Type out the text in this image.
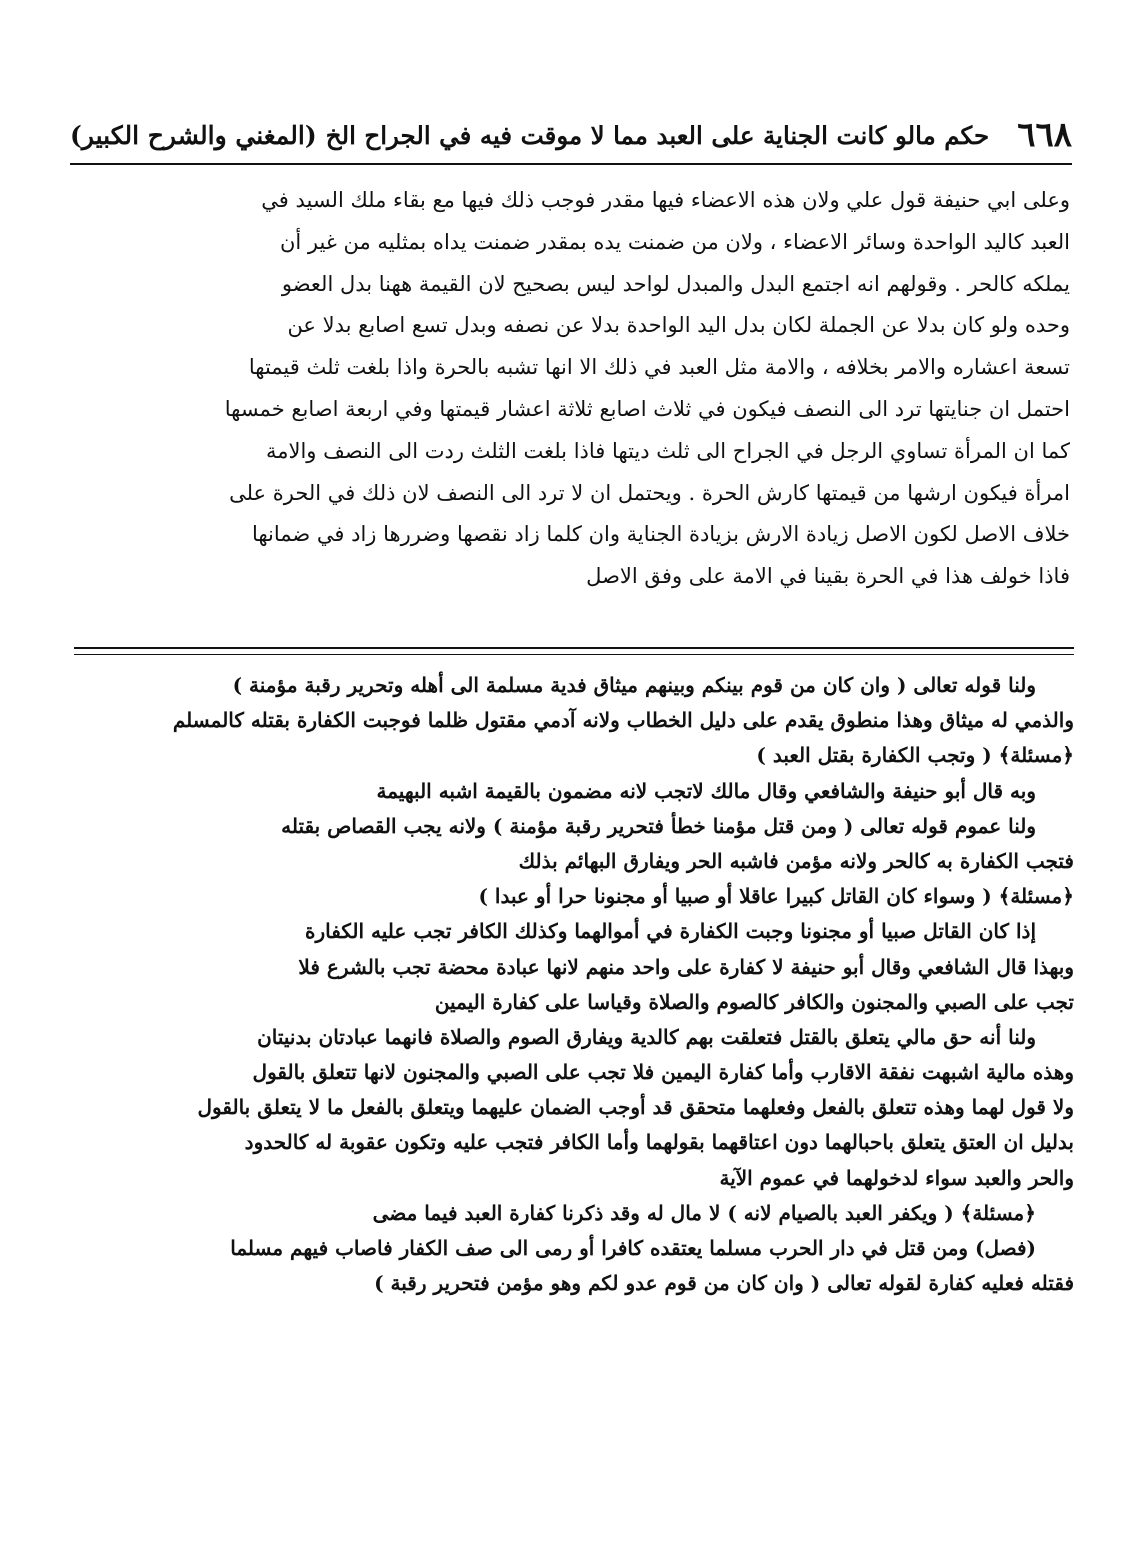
٦٦٨
حكم مالو كانت الجناية على العبد مما لا موقت فيه في الجراح الخ
(المغني والشرح الكبير)
وعلى ابي حنيفة قول علي ولان هذه الاعضاء فيها مقدر فوجب ذلك فيها مع بقاء ملك السيد في
العبد كاليد الواحدة وسائر الاعضاء ، ولان من ضمنت يده بمقدر ضمنت يداه بمثليه من غير أن
يملكه كالحر . وقولهم انه اجتمع البدل والمبدل لواحد ليس بصحيح لان القيمة ههنا بدل العضو
وحده ولو كان بدلا عن الجملة لكان بدل اليد الواحدة بدلا عن نصفه وبدل تسع اصابع بدلا عن
تسعة اعشاره والامر بخلافه ، والامة مثل العبد في ذلك الا انها تشبه بالحرة واذا بلغت ثلث قيمتها
احتمل ان جنايتها ترد الى النصف فيكون في ثلاث اصابع ثلاثة اعشار قيمتها وفي اربعة اصابع خمسها
كما ان المرأة تساوي الرجل في الجراح الى ثلث ديتها فاذا بلغت الثلث ردت الى النصف والامة
امرأة فيكون ارشها من قيمتها كارش الحرة . ويحتمل ان لا ترد الى النصف لان ذلك في الحرة على
خلاف الاصل لكون الاصل زيادة الارش بزيادة الجناية وان كلما زاد نقصها وضررها زاد في ضمانها
فاذا خولف هذا في الحرة بقينا في الامة على وفق الاصل
ولنا قوله تعالى ( وان كان من قوم بينكم وبينهم ميثاق فدية مسلمة الى أهله وتحرير رقبة مؤمنة )
والذمي له ميثاق وهذا منطوق يقدم على دليل الخطاب ولانه آدمي مقتول ظلما فوجبت الكفارة بقتله كالمسلم
﴿مسئلة﴾ ( وتجب الكفارة بقتل العبد )
وبه قال أبو حنيفة والشافعي وقال مالك لاتجب لانه مضمون بالقيمة اشبه البهيمة
ولنا عموم قوله تعالى ( ومن قتل مؤمنا خطأ فتحرير رقبة مؤمنة ) ولانه يجب القصاص بقتله
فتجب الكفارة به كالحر ولانه مؤمن فاشبه الحر ويفارق البهائم بذلك
﴿مسئلة﴾ ( وسواء كان القاتل كبيرا عاقلا أو صبيا أو مجنونا حرا أو عبدا )
إذا كان القاتل صبيا أو مجنونا وجبت الكفارة في أموالهما وكذلك الكافر تجب عليه الكفارة
وبهذا قال الشافعي وقال أبو حنيفة لا كفارة على واحد منهم لانها عبادة محضة تجب بالشرع فلا
تجب على الصبي والمجنون والكافر كالصوم والصلاة وقياسا على كفارة اليمين
ولنا أنه حق مالي يتعلق بالقتل فتعلقت بهم كالدية ويفارق الصوم والصلاة فانهما عبادتان بدنيتان
وهذه مالية اشبهت نفقة الاقارب وأما كفارة اليمين فلا تجب على الصبي والمجنون لانها تتعلق بالقول
ولا قول لهما وهذه تتعلق بالفعل وفعلهما متحقق قد أوجب الضمان عليهما ويتعلق بالفعل ما لا يتعلق بالقول
بدليل ان العتق يتعلق باحبالهما دون اعتاقهما بقولهما وأما الكافر فتجب عليه وتكون عقوبة له كالحدود
والحر والعبد سواء لدخولهما في عموم الآية
﴿مسئلة﴾ ( ويكفر العبد بالصيام لانه ) لا مال له وقد ذكرنا كفارة العبد فيما مضى
(فصل) ومن قتل في دار الحرب مسلما يعتقده كافرا أو رمى الى صف الكفار فاصاب فيهم مسلما
فقتله فعليه كفارة لقوله تعالى ( وان كان من قوم عدو لكم وهو مؤمن فتحرير رقبة )
